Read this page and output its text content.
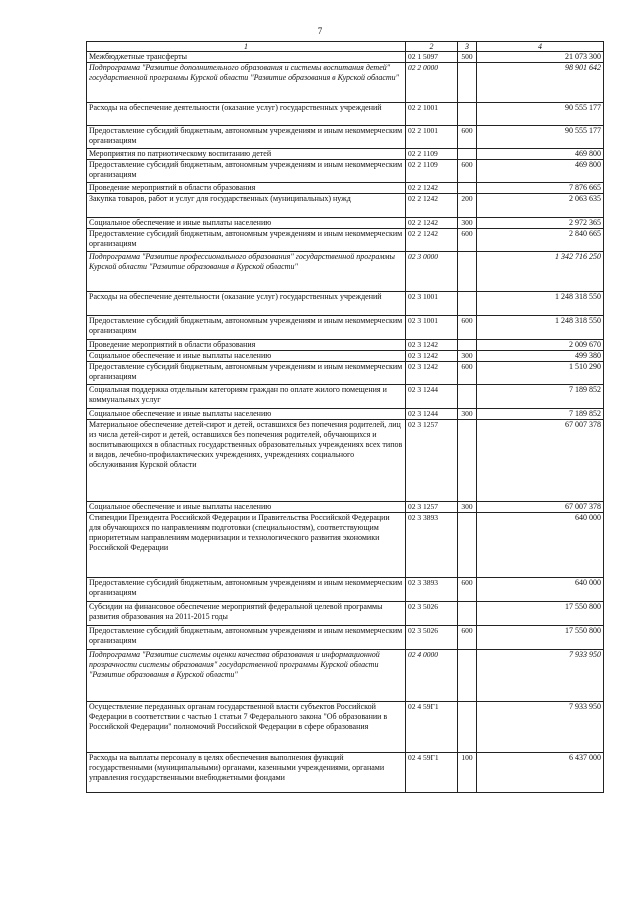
7
1	2	3	4
Межбюджетные трансферты	02 1 5097	500	21 073 300
Подпрограмма "Развитие дополнительного образования и системы воспитания детей" государственной программы Курской области "Развитие образования в Курской области"	02 2 0000		98 901 642
Расходы на обеспечение деятельности (оказание услуг) государственных учреждений	02 2 1001		90 555 177
Предоставление субсидий бюджетным, автономным учреждениям и иным некоммерческим организациям	02 2 1001	600	90 555 177
Мероприятия по патриотическому воспитанию детей	02 2 1109		469 800
Предоставление субсидий бюджетным, автономным учреждениям и иным некоммерческим организациям	02 2 1109	600	469 800
Проведение мероприятий в области образования	02 2 1242		7 876 665
Закупка товаров, работ и услуг для государственных (муниципальных) нужд	02 2 1242	200	2 063 635
Социальное обеспечение и иные выплаты населению	02 2 1242	300	2 972 365
Предоставление субсидий бюджетным, автономным учреждениям и иным некоммерческим организациям	02 2 1242	600	2 840 665
Подпрограмма "Развитие профессионального образования" государственной программы Курской области "Развитие образования в Курской области"	02 3 0000		1 342 716 250
Расходы на обеспечение деятельности (оказание услуг) государственных учреждений	02 3 1001		1 248 318 550
Предоставление субсидий бюджетным, автономным учреждениям и иным некоммерческим организациям	02 3 1001	600	1 248 318 550
Проведение мероприятий в области образования	02 3 1242		2 009 670
Социальное обеспечение и иные выплаты населению	02 3 1242	300	499 380
Предоставление субсидий бюджетным, автономным учреждениям и иным некоммерческим организациям	02 3 1242	600	1 510 290
Социальная поддержка отдельным категориям граждан по оплате жилого помещения и коммунальных услуг	02 3 1244		7 189 852
Социальное обеспечение и иные выплаты населению	02 3 1244	300	7 189 852
Материальное обеспечение детей-сирот и детей, оставшихся без попечения родителей, лиц из числа детей-сирот и детей, оставшихся без попечения родителей, обучающихся и воспитывающихся в областных государственных образовательных учреждениях всех типов и видов, лечебно-профилактических учреждениях, учреждениях социального обслуживания Курской области	02 3 1257		67 007 378
Социальное обеспечение и иные выплаты населению	02 3 1257	300	67 007 378
Стипендии Президента Российской Федерации и Правительства Российской Федерации для обучающихся по направлениям подготовки (специальностям), соответствующим приоритетным направлениям модернизации и технологического развития экономики Российской Федерации	02 3 3893		640 000
Предоставление субсидий бюджетным, автономным учреждениям и иным некоммерческим организациям	02 3 3893	600	640 000
Субсидии на финансовое обеспечение мероприятий федеральной целевой программы развития образования на 2011-2015 годы	02 3 5026		17 550 800
Предоставление субсидий бюджетным, автономным учреждениям и иным некоммерческим организациям	02 3 5026	600	17 550 800
Подпрограмма "Развитие системы оценки качества образования и информационной прозрачности системы образования" государственной программы Курской области "Развитие образования в Курской области"	02 4 0000		7 933 950
Осуществление переданных органам государственной власти субъектов Российской Федерации в соответствии с частью 1 статьи 7 Федерального закона "Об образовании в Российской Федерации" полномочий Российской Федерации в сфере образования	02 4 59Г1		7 933 950
Расходы на выплаты персоналу в целях обеспечения выполнения функций государственными (муниципальными) органами, казенными учреждениями, органами управления государственными внебюджетными фондами	02 4 59Г1	100	6 437 000
